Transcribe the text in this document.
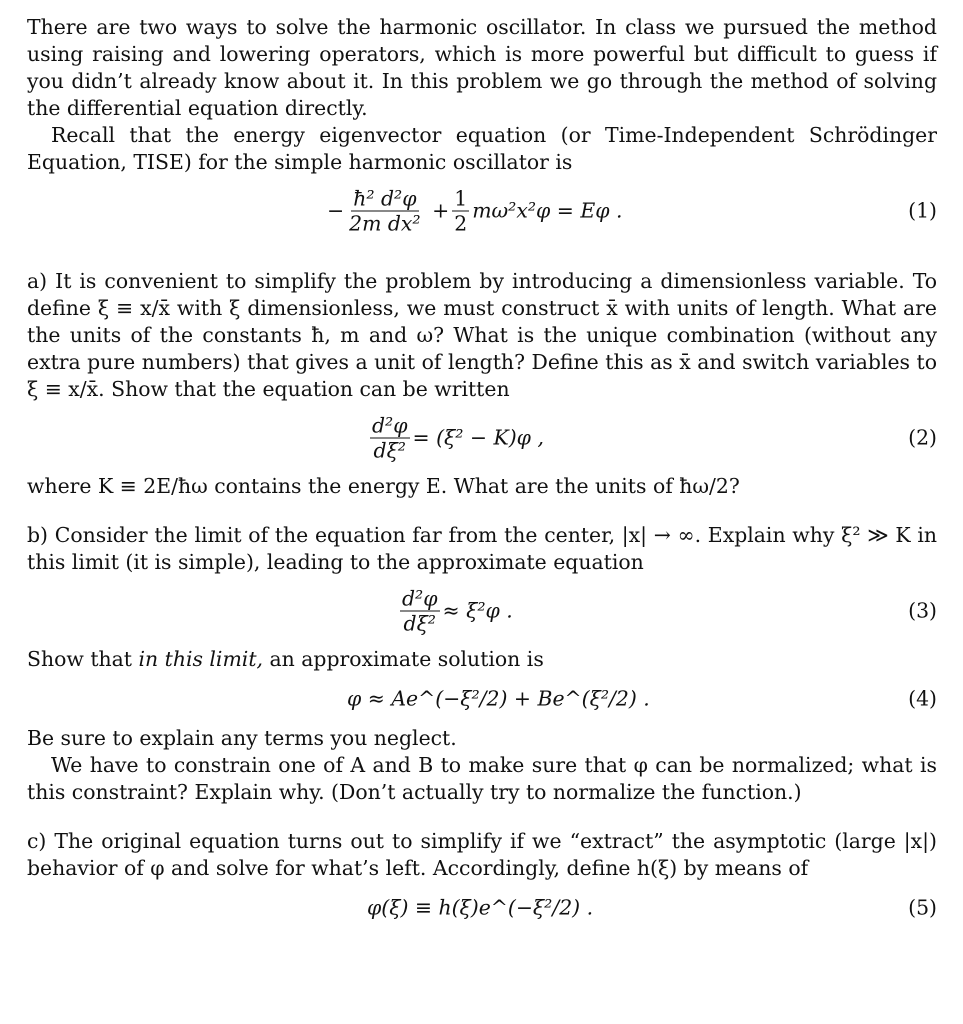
There are two ways to solve the harmonic oscillator. In class we pursued the method using raising and lowering operators, which is more powerful but difficult to guess if you didn’t already know about it. In this problem we go through the method of solving the differential equation directly.

Recall that the energy eigenvector equation (or Time-Independent Schrödinger Equation, TISE) for the simple harmonic oscillator is

− $\frac{\text{ħ² d²φ}}{\text{2m dx²}} + \frac{1}{2} m\omega^2x^2\varphi = E\varphi$ .	(1)

a) It is convenient to simplify the problem by introducing a dimensionless variable. To define ξ ≡ x/x̄ with ξ dimensionless, we must construct x̄ with units of length. What are the units of the constants ħ, m and ω? What is the unique combination (without any extra pure numbers) that gives a unit of length? Define this as x̄ and switch variables to ξ ≡ x/x̄. Show that the equation can be written

$\frac{\text{d²φ}}{\text{dξ²}} = (\xi^2 - K)\varphi$ ,	(2)

where K ≡ 2E/ħω contains the energy E. What are the units of ħω/2?

b) Consider the limit of the equation far from the center, |x| → ∞. Explain why ξ² ≫ K in this limit (it is simple), leading to the approximate equation

$\frac{\text{d²φ}}{\text{dξ²}} \approx \xi^2\varphi$ .	(3)

Show that in this limit, an approximate solution is

φ ≈ Ae^(−ξ²/2) + Be^(ξ²/2) .	(4)

Be sure to explain any terms you neglect.

We have to constrain one of A and B to make sure that φ can be normalized; what is this constraint? Explain why. (Don’t actually try to normalize the function.)

c) The original equation turns out to simplify if we “extract” the asymptotic (large |x|) behavior of φ and solve for what’s left. Accordingly, define h(ξ) by means of

φ(ξ) ≡ h(ξ)e^(−ξ²/2) .	(5)
